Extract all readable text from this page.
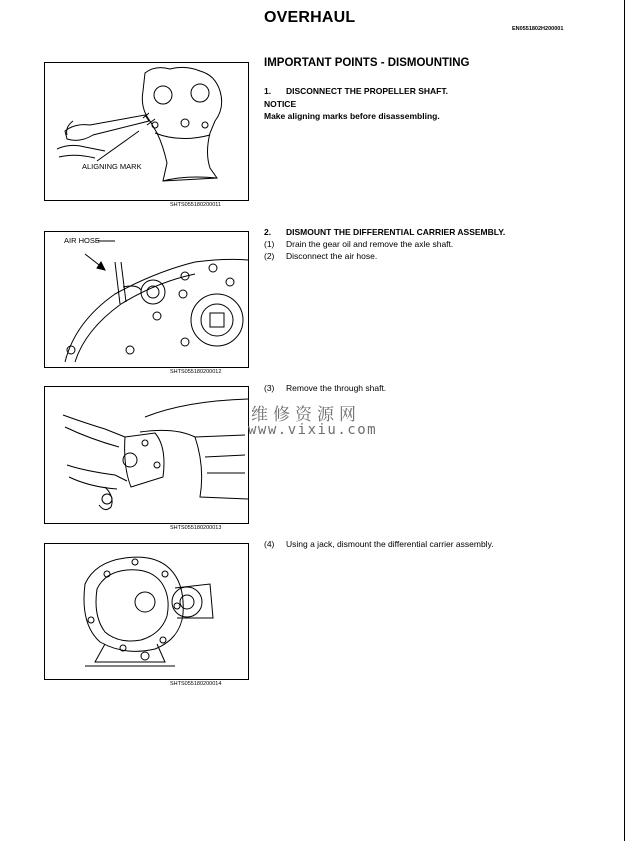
OVERHAUL
EN0551802H200001
IMPORTANT POINTS - DISMOUNTING
1. DISCONNECT THE PROPELLER SHAFT.
NOTICE
Make aligning marks before disassembling.
2. DISMOUNT THE DIFFERENTIAL CARRIER ASSEMBLY.
(1) Drain the gear oil and remove the axle shaft.
(2) Disconnect the air hose.
(3) Remove the through shaft.
(4) Using a jack, dismount the differential carrier assembly.
ALIGNING MARK
SHTS055180200011
AIR HOSE
SHTS055180200012
SHTS055180200013
SHTS055180200014
维修资源网
www.vixiu.com
